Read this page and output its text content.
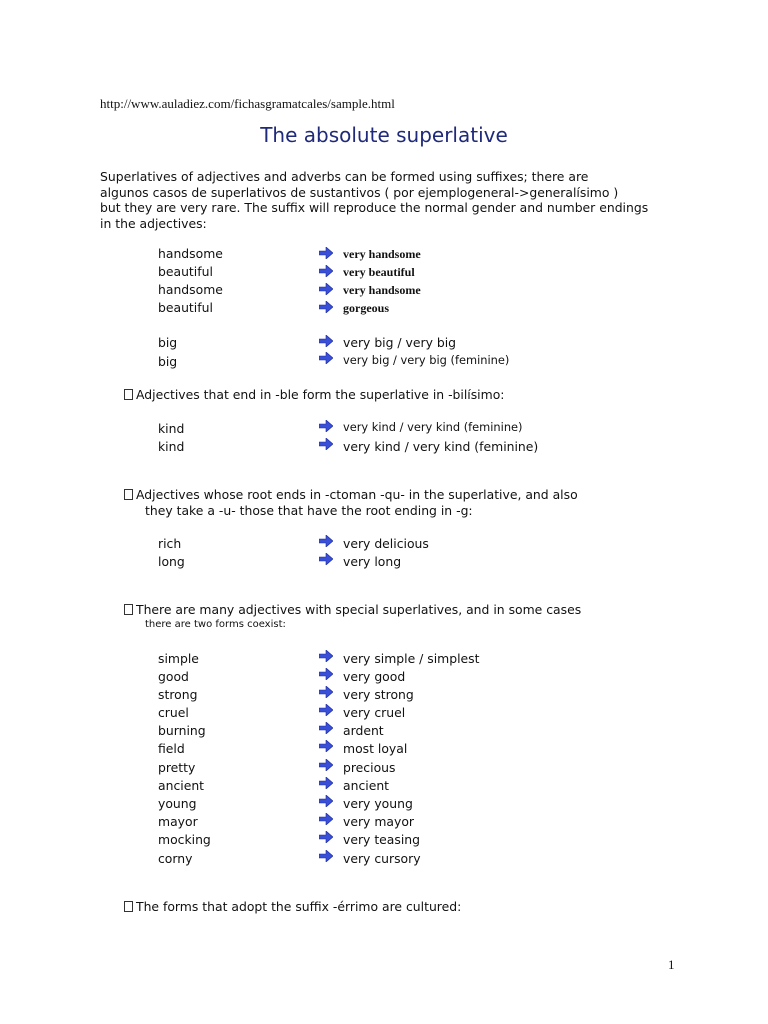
http://www.auladiez.com/fichasgramatcales/sample.html
The absolute superlative
Superlatives of adjectives and adverbs can be formed using suffixes; there are
algunos casos de superlativos de sustantivos ( por ejemplogeneral->generalísimo )
but they are very rare. The suffix will reproduce the normal gender and number endings
in the adjectives:
handsome	very handsome
beautiful	very beautiful
handsome	very handsome
beautiful	gorgeous
big	very big / very big
big	very big / very big (feminine)
Adjectives that end in -ble form the superlative in -bilísimo:
kind	very kind / very kind (feminine)
kind	very kind / very kind (feminine)
Adjectives whose root ends in -ctoman -qu- in the superlative, and also
they take a -u- those that have the root ending in -g:
rich	very delicious
long	very long
There are many adjectives with special superlatives, and in some cases
there are two forms coexist:
simple	very simple / simplest
good	very good
strong	very strong
cruel	very cruel
burning	ardent
field	most loyal
pretty	precious
ancient	ancient
young	very young
mayor	very mayor
mocking	very teasing
corny	very cursory
The forms that adopt the suffix -érrimo are cultured:
1
